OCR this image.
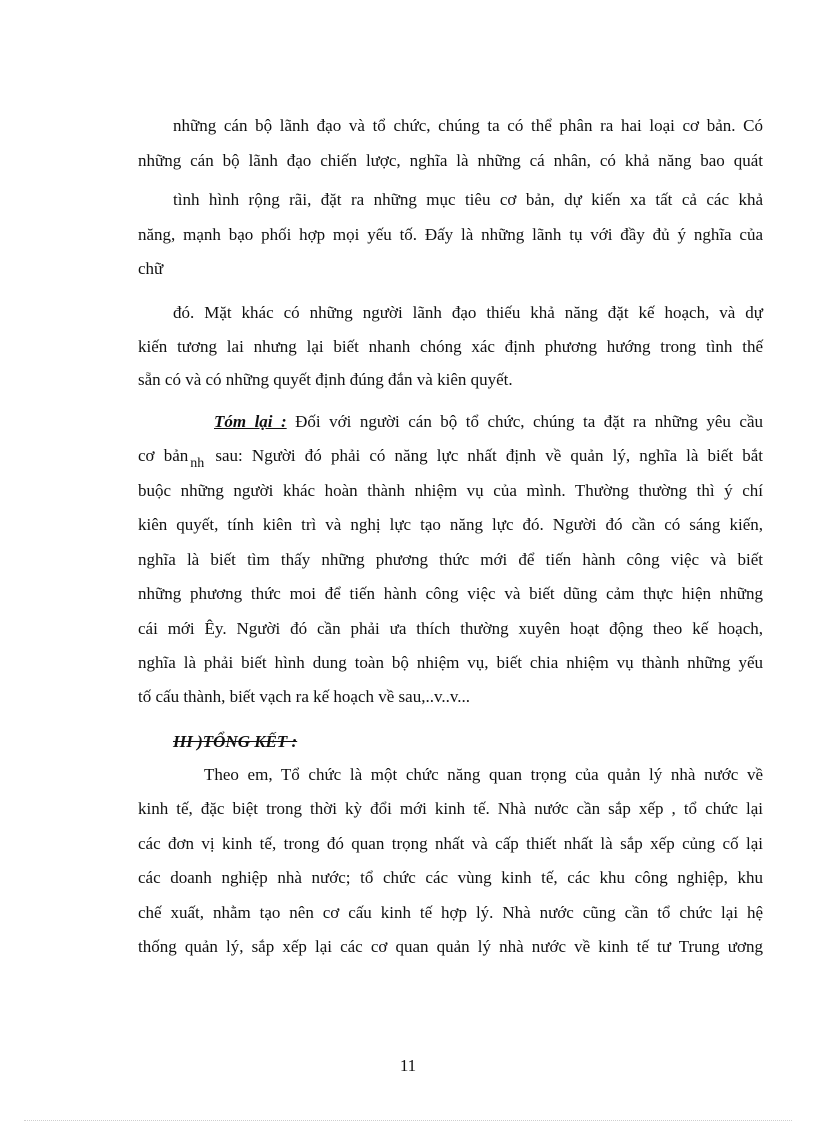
những cán bộ lãnh đạo và tổ chức, chúng ta có thể phân ra hai loại cơ bản. Có
những cán bộ lãnh đạo chiến lược, nghĩa là những cá nhân, có khả năng bao quát
tình hình rộng rãi, đặt ra những mục tiêu cơ bản, dự kiến xa tất cả các khả
năng, mạnh bạo phối hợp mọi yếu tố. Đấy là những lãnh tụ với đầy đủ ý nghĩa của
chữ
đó. Mặt khác có những người lãnh đạo thiếu khả năng đặt kế hoạch, và dự
kiến tương lai nhưng lại biết nhanh chóng xác định phương hướng trong tình thế
sẵn có và có những quyết định đúng đắn và kiên quyết.
Tóm lại : Đối với người cán bộ tổ chức, chúng ta đặt ra những yêu cầu
cơ bản $_{nh}$ sau: Người đó phải có năng lực nhất định về quản lý, nghĩa là biết bắt
buộc những người khác hoàn thành nhiệm vụ của mình. Thường thường thì ý chí
kiên quyết, tính kiên trì và nghị lực tạo năng lực đó. Người đó cần có sáng kiến,
nghĩa là biết tìm thấy những phương thức mới để tiến hành công việc và biết
những phương thức moi để tiến hành công việc và biết dũng cảm thực hiện những
cái mới Êy. Người đó cần phải ưa thích thường xuyên hoạt động theo kế hoạch,
nghĩa là phải biết hình dung toàn bộ nhiệm vụ, biết chia nhiệm vụ thành những yếu
tố cấu thành, biết vạch ra kế hoạch về sau,..v..v...
III )TỔNG KẾT :
Theo em, Tổ chức là một chức năng quan trọng của quản lý nhà nước về
kinh tế, đặc biệt trong thời kỳ đổi mới kinh tế. Nhà nước cần sắp xếp , tổ chức lại
các đơn vị kinh tế, trong đó quan trọng nhất và cấp thiết nhất là sắp xếp củng cố lại
các doanh nghiệp nhà nước; tổ chức các vùng kinh tế, các khu công nghiệp, khu
chế xuất, nhằm tạo nên cơ cấu kinh tế hợp lý. Nhà nước cũng cần tổ chức lại hệ
thống quản lý, sắp xếp lại các cơ quan quản lý nhà nước về kinh tế tư Trung ương
11
